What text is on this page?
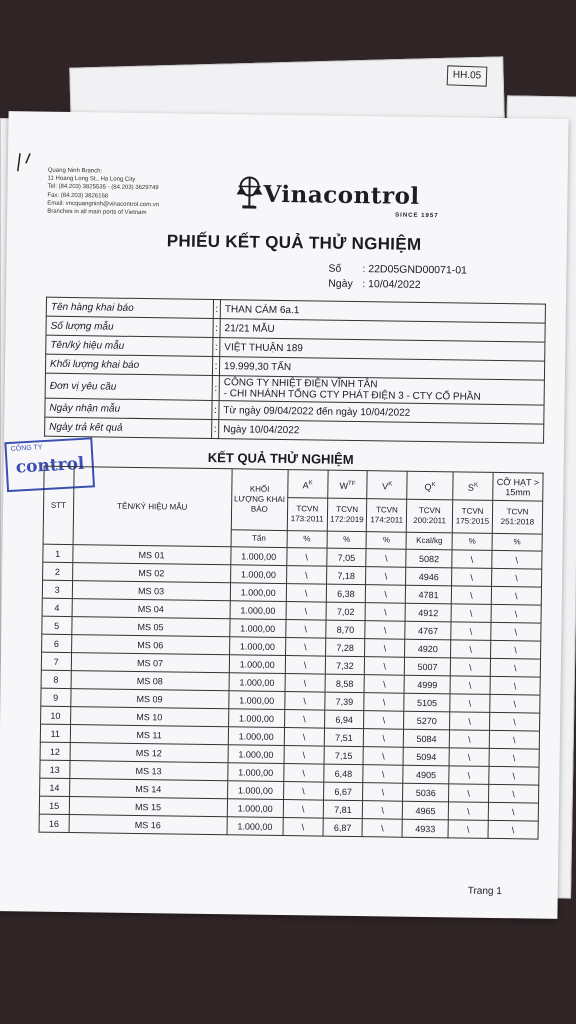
HH.05
Quang Ninh Branch:
11 Hoang Long St., Ha Long City
Tel: (84.203) 3825535 - (84.203) 3629749
Fax: (84.203) 3826168
Email: vncquangninh@vinacontrol.com.vn
Branches in all main ports of Vietnam
Vinacontrol
SINCE 1957
PHIẾU KẾT QUẢ THỬ NGHIỆM
Số : 22D05GND00071-01
Ngày : 10/04/2022
Tên hàng khai báo	:	THAN CÁM 6a.1
Số lượng mẫu	:	21/21 MẪU
Tên/ký hiệu mẫu	:	VIỆT THUẬN 189
Khối lượng khai báo	:	19.999,30 TẤN
Đơn vị yêu cầu	:	CÔNG TY NHIỆT ĐIỆN VĨNH TÂN
- CHI NHÁNH TỔNG CTY PHÁT ĐIỆN 3 - CTY CỔ PHẦN

Ngày nhận mẫu	:	Từ ngày 09/04/2022 đến ngày 10/04/2022
Ngày trả kết quả	:	Ngày 10/04/2022
CÔNG TY
control	KẾT QUẢ THỬ NGHIỆM
STT	TÊN/KÝ HIỆU MẪU	KHỐI LƯỢNG KHAI BÁO	$A^K$	$W^{TF}$	$V^K$	$Q^K$	$S^K$	CỠ HẠT > 15mm
			TCVN 173:2011	TCVN 172:2019	TCVN 174:2011	TCVN 200:2011	TCVN 175:2015	TCVN 251:2018
		Tấn	%	%	%	Kcal/kg	%	%
1	MS 01	1.000,00	\	7,05	\	5082	\	\
2	MS 02	1.000,00	\	7,18	\	4946	\	\
3	MS 03	1.000,00	\	6,38	\	4781	\	\
4	MS 04	1.000,00	\	7,02	\	4912	\	\
5	MS 05	1.000,00	\	8,70	\	4767	\	\
6	MS 06	1.000,00	\	7,28	\	4920	\	\
7	MS 07	1.000,00	\	7,32	\	5007	\	\
8	MS 08	1.000,00	\	8,58	\	4999	\	\
9	MS 09	1.000,00	\	7,39	\	5105	\	\
10	MS 10	1.000,00	\	6,94	\	5270	\	\
11	MS 11	1.000,00	\	7,51	\	5084	\	\
12	MS 12	1.000,00	\	7,15	\	5094	\	\
13	MS 13	1.000,00	\	6,48	\	4905	\	\
14	MS 14	1.000,00	\	6,67	\	5036	\	\
15	MS 15	1.000,00	\	7,81	\	4965	\	\
16	MS 16	1.000,00	\	6,87	\	4933	\	\
Trang 1
